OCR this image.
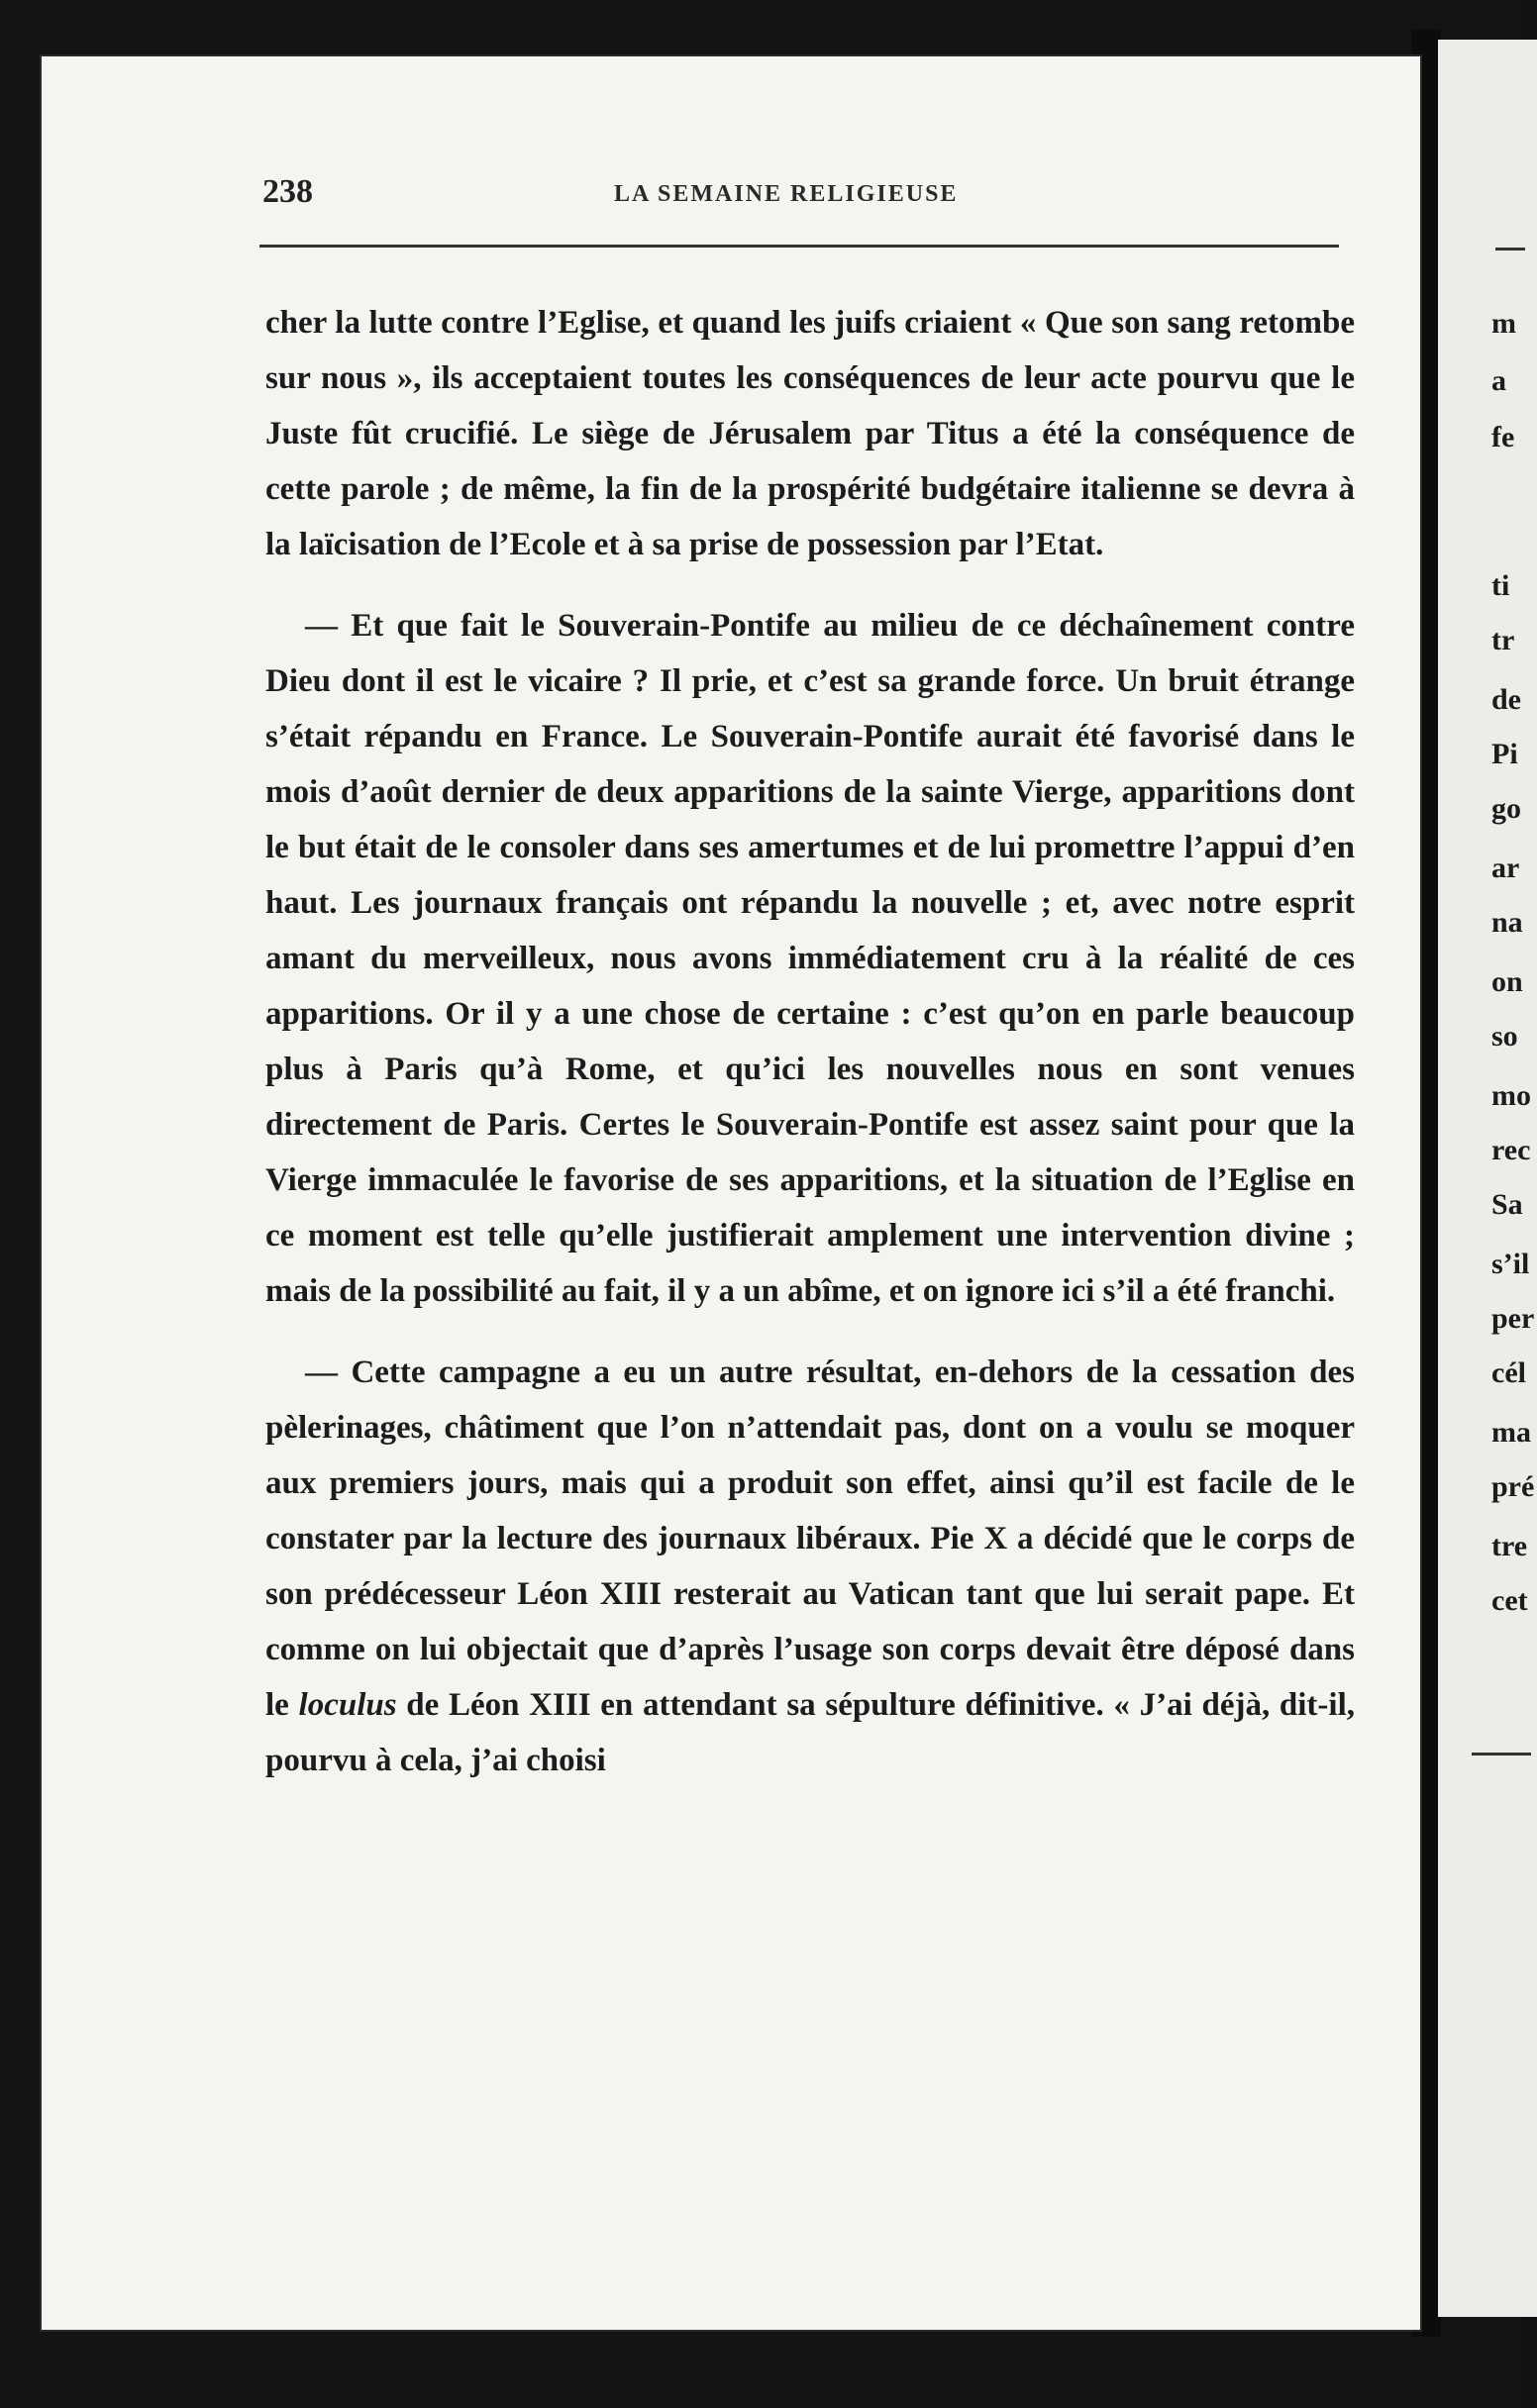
238	LA SEMAINE RELIGIEUSE

cher la lutte contre l’Eglise, et quand les juifs criaient « Que son sang retombe sur nous », ils acceptaient toutes les conséquences de leur acte pourvu que le Juste fût crucifié. Le siège de Jérusalem par Titus a été la conséquence de cette parole ; de même, la fin de la prospérité budgétaire italienne se devra à la laïcisation de l’Ecole et à sa prise de possession par l’Etat.

— Et que fait le Souverain-Pontife au milieu de ce déchaînement contre Dieu dont il est le vicaire ? Il prie, et c’est sa grande force. Un bruit étrange s’était répandu en France. Le Souverain-Pontife aurait été favorisé dans le mois d’août dernier de deux apparitions de la sainte Vierge, apparitions dont le but était de le consoler dans ses amertumes et de lui promettre l’appui d’en haut. Les journaux français ont répandu la nouvelle ; et, avec notre esprit amant du merveilleux, nous avons immédiatement cru à la réalité de ces apparitions. Or il y a une chose de certaine : c’est qu’on en parle beaucoup plus à Paris qu’à Rome, et qu’ici les nouvelles nous en sont venues directement de Paris. Certes le Souverain-Pontife est assez saint pour que la Vierge immaculée le favorise de ses apparitions, et la situation de l’Eglise en ce moment est telle qu’elle justifierait amplement une intervention divine ; mais de la possibilité au fait, il y a un abîme, et on ignore ici s’il a été franchi.

— Cette campagne a eu un autre résultat, en-dehors de la cessation des pèlerinages, châtiment que l’on n’attendait pas, dont on a voulu se moquer aux premiers jours, mais qui a produit son effet, ainsi qu’il est facile de le constater par la lecture des journaux libéraux. Pie X a décidé que le corps de son prédécesseur Léon XIII resterait au Vatican tant que lui serait pape. Et comme on lui objectait que d’après l’usage son corps devait être déposé dans le loculus de Léon XIII en attendant sa sépulture définitive. « J’ai déjà, dit-il, pourvu à cela, j’ai choisi

m
a
fe
ti
tr
de
Pi
go
ar
na
on
so
mo
rec
Sa
s’il
per
cél
ma
pré
tre
cet
